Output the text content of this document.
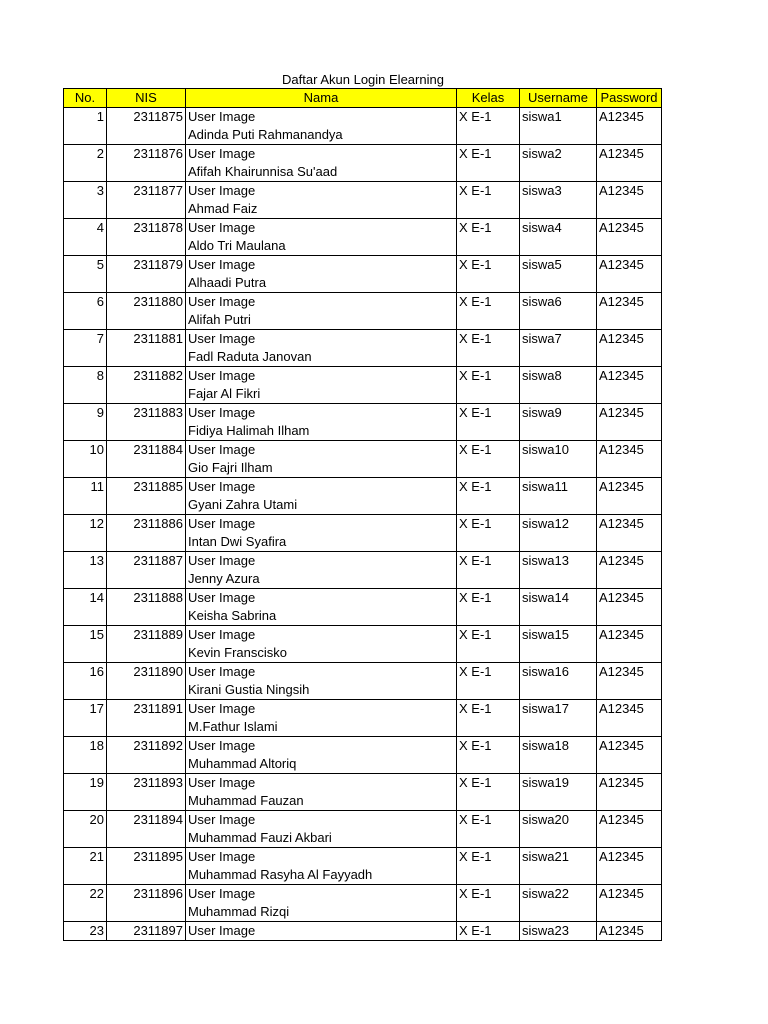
Daftar Akun Login Elearning
No.	NIS	Nama	Kelas	Username	Password
1	2311875	User Image	X E-1	siswa1	A12345
		Adinda Puti Rahmanandya			
2	2311876	User Image	X E-1	siswa2	A12345
		Afifah Khairunnisa Su'aad			
3	2311877	User Image	X E-1	siswa3	A12345
		Ahmad Faiz			
4	2311878	User Image	X E-1	siswa4	A12345
		Aldo Tri Maulana			
5	2311879	User Image	X E-1	siswa5	A12345
		Alhaadi Putra			
6	2311880	User Image	X E-1	siswa6	A12345
		Alifah Putri			
7	2311881	User Image	X E-1	siswa7	A12345
		Fadl Raduta Janovan			
8	2311882	User Image	X E-1	siswa8	A12345
		Fajar Al Fikri			
9	2311883	User Image	X E-1	siswa9	A12345
		Fidiya Halimah Ilham			
10	2311884	User Image	X E-1	siswa10	A12345
		Gio Fajri Ilham			
11	2311885	User Image	X E-1	siswa11	A12345
		Gyani Zahra Utami			
12	2311886	User Image	X E-1	siswa12	A12345
		Intan Dwi Syafira			
13	2311887	User Image	X E-1	siswa13	A12345
		Jenny Azura			
14	2311888	User Image	X E-1	siswa14	A12345
		Keisha Sabrina			
15	2311889	User Image	X E-1	siswa15	A12345
		Kevin Franscisko			
16	2311890	User Image	X E-1	siswa16	A12345
		Kirani Gustia Ningsih			
17	2311891	User Image	X E-1	siswa17	A12345
		M.Fathur Islami			
18	2311892	User Image	X E-1	siswa18	A12345
		Muhammad Altoriq			
19	2311893	User Image	X E-1	siswa19	A12345
		Muhammad Fauzan			
20	2311894	User Image	X E-1	siswa20	A12345
		Muhammad Fauzi Akbari			
21	2311895	User Image	X E-1	siswa21	A12345
		Muhammad Rasyha Al Fayyadh			
22	2311896	User Image	X E-1	siswa22	A12345
		Muhammad Rizqi			
23	2311897	User Image	X E-1	siswa23	A12345
